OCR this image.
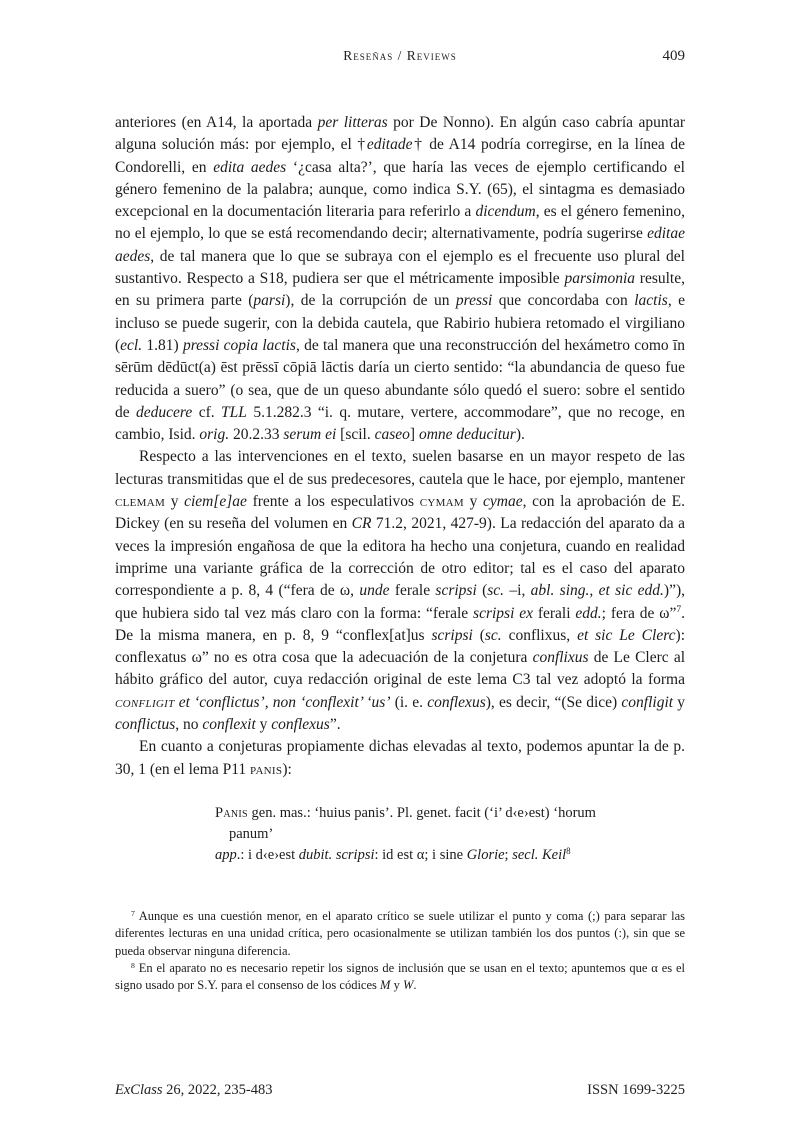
Reseñas / Reviews	409

anteriores (en A14, la aportada per litteras por De Nonno). En algún caso cabría apuntar alguna solución más: por ejemplo, el †editade† de A14 podría corregirse, en la línea de Condorelli, en edita aedes ‘¿casa alta?’, que haría las veces de ejemplo certificando el género femenino de la palabra; aunque, como indica S.Y. (65), el sintagma es demasiado excepcional en la documentación literaria para referirlo a dicendum, es el género femenino, no el ejemplo, lo que se está recomendando decir; alternativamente, podría sugerirse editae aedes, de tal manera que lo que se subraya con el ejemplo es el frecuente uso plural del sustantivo. Respecto a S18, pudiera ser que el métricamente imposible parsimonia resulte, en su primera parte (parsi), de la corrupción de un pressi que concordaba con lactis, e incluso se puede sugerir, con la debida cautela, que Rabirio hubiera retomado el virgiliano (ecl. 1.81) pressi copia lactis, de tal manera que una reconstrucción del hexámetro como īn sērūm dēdūct(a) ēst prēssī cōpiā lāctis daría un cierto sentido: “la abundancia de queso fue reducida a suero” (o sea, que de un queso abundante sólo quedó el suero: sobre el sentido de deducere cf. TLL 5.1.282.3 “i. q. mutare, vertere, accommodare”, que no recoge, en cambio, Isid. orig. 20.2.33 serum ei [scil. caseo] omne deducitur).

Respecto a las intervenciones en el texto, suelen basarse en un mayor respeto de las lecturas transmitidas que el de sus predecesores, cautela que le hace, por ejemplo, mantener clemam y ciem[e]ae frente a los especulativos cymam y cymae, con la aprobación de E. Dickey (en su reseña del volumen en CR 71.2, 2021, 427-9). La redacción del aparato da a veces la impresión engañosa de que la editora ha hecho una conjetura, cuando en realidad imprime una variante gráfica de la corrección de otro editor; tal es el caso del aparato correspondiente a p. 8, 4 (“fera de ω, unde ferale scripsi (sc. –i, abl. sing., et sic edd.)”), que hubiera sido tal vez más claro con la forma: “ferale scripsi ex ferali edd.; fera de ω”$^7$. De la misma manera, en p. 8, 9 “conflex[at]us scripsi (sc. conflixus, et sic Le Clerc): conflexatus ω” no es otra cosa que la adecuación de la conjetura conflixus de Le Clerc al hábito gráfico del autor, cuya redacción original de este lema C3 tal vez adoptó la forma confligit et ‘conflictus’, non ‘conflexit’ ‘us’ (i. e. conflexus), es decir, “(Se dice) confligit y conflictus, no conflexit y conflexus”.

En cuanto a conjeturas propiamente dichas elevadas al texto, podemos apuntar la de p. 30, 1 (en el lema P11 panis):

Panis gen. mas.: ‘huius panis’. Pl. genet. facit (‘i’ d‹e›est) ‘horum
panum’
app.: i d‹e›est dubit. scripsi: id est α; i sine Glorie; secl. Keil$^8$

$^7$ Aunque es una cuestión menor, en el aparato crítico se suele utilizar el punto y coma (;) para separar las diferentes lecturas en una unidad crítica, pero ocasionalmente se utilizan también los dos puntos (:), sin que se pueda observar ninguna diferencia.

$^8$ En el aparato no es necesario repetir los signos de inclusión que se usan en el texto; apuntemos que α es el signo usado por S.Y. para el consenso de los códices M y W.

ExClass 26, 2022, 235-483	ISSN 1699-3225
